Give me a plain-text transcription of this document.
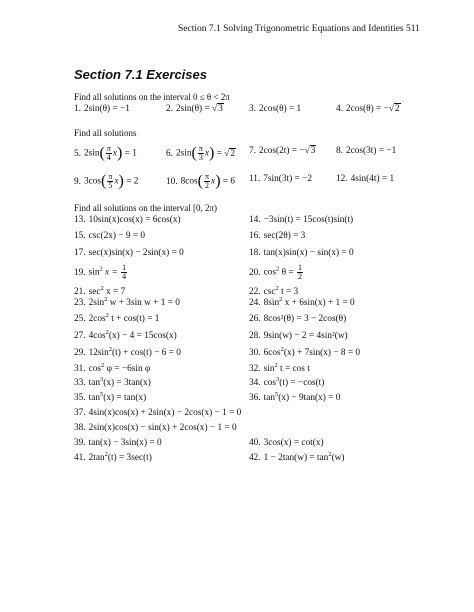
Section 7.1 Solving Trigonometric Equations and Identities 511
Section 7.1 Exercises
Find all solutions on the interval 0 ≤ θ < 2π
1. 2sin(θ) = −1	2. 2sin(θ) = √3	3. 2cos(θ) = 1	4. 2cos(θ) = −√2
Find all solutions
5. $2\sin( \frac{\pi}{4} x) = 1$	6. $2\sin( \frac{\pi}{3} x) = √2$ 7. 2cos(2t) = −√3 8. 2cos(3t) = −1
9. $3\cos( \frac{\pi}{5} x) = 2$	10. $8\cos( \frac{\pi}{2} x) = 6$ 11. 7sin(3t) = −2	12. 4sin(4t) = 1
Find all solutions on the interval [0, 2π)
13. 10sin(x)cos(x) = 6cos(x)	14. −3sin(t) = 15cos(t)sin(t)
15. csc(2x) − 9 = 0	16. sec(2θ) = 3
17. sec(x)sin(x) − 2sin(x) = 0	18. tan(x)sin(x) − sin(x) = 0
19. $\sin^2 x = \frac{1}{4}$	20. $\cos^2 \theta = \frac{1}{2}$
21. $\sec^2 x = 7$	22. $\csc^2 t = 3$
23. $2\sin^2$ w + 3sin w + 1 = 0	24. $8\sin^2$ x + 6sin(x) + 1 = 0
25. $2\cos^2$ t + cos(t) = 1	26. 8cos²(θ) = 3 − 2cos(θ)
27. $4\cos^2(x) - 4 = 15\cos(x)$	28. 9sin(w) − 2 = 4sin²(w)
29. $12\sin^2(t) + \cos(t) - 6 = 0$	30. $6\cos^2(x) + 7\sin(x) - 8 = 0$
31. $\cos^2 \varphi = -6\sin$ φ	32. $\sin^2 t = \cos t$
33. $\tan^3(x) = 3\tan(x)$	34. $\cos^3(t) = -\cos(t)$
35. $\tan^5(x) = \tan(x)$	36. $\tan^5(x) - 9\tan(x) = 0$
37. 4sin(x)cos(x) + 2sin(x) − 2cos(x) − 1 = 0
38. 2sin(x)cos(x) − sin(x) + 2cos(x) − 1 = 0
39. tan(x) − 3sin(x) = 0	40. 3cos(x) = cot(x)
41. $2\tan^2(t) = 3\sec(t)$	42. $1 - 2\tan(w) = \tan^2(w)$
